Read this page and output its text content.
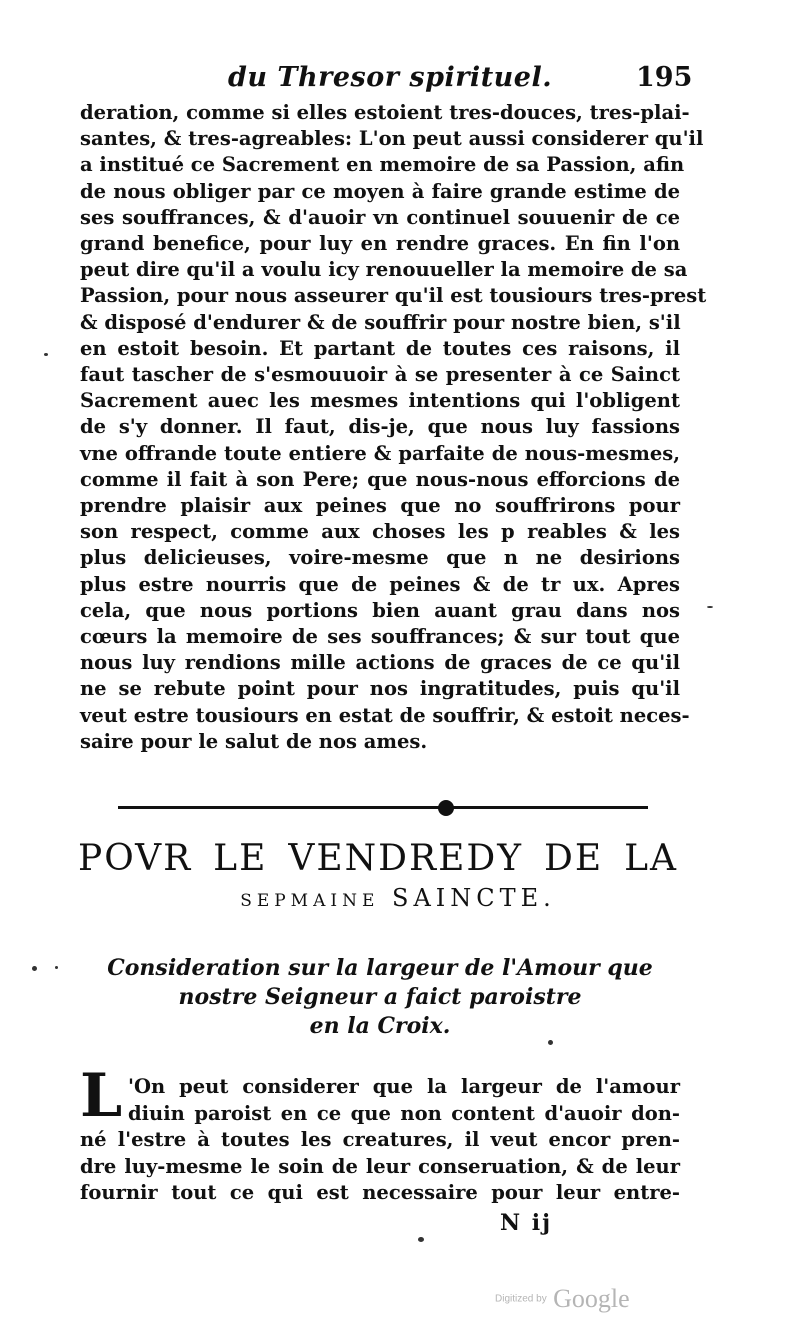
du Thresor spirituel.	195
deration, comme si elles estoient tres-douces, tres-plai-
santes, & tres-agreables: L'on peut aussi considerer qu'il
a institué ce Sacrement en memoire de sa Passion, afin
de nous obliger par ce moyen à faire grande estime de
ses souffrances, & d'auoir vn continuel souuenir de ce
grand benefice, pour luy en rendre graces. En fin l'on
peut dire qu'il a voulu icy renouueller la memoire de sa
Passion, pour nous asseurer qu'il est tousiours tres-prest
& disposé d'endurer & de souffrir pour nostre bien, s'il
en estoit besoin. Et partant de toutes ces raisons, il
faut tascher de s'esmouuoir à se presenter à ce Sainct
Sacrement auec les mesmes intentions qui l'obligent
de s'y donner. Il faut, dis-je, que nous luy fassions
vne offrande toute entiere & parfaite de nous-mesmes,
comme il fait à son Pere; que nous-nous efforcions de
prendre plaisir aux peines que no souffrirons pour
son respect, comme aux choses les p reables & les
plus delicieuses, voire-mesme que n ne desirions
plus estre nourris que de peines & de tr ux. Apres
cela, que nous portions bien auant grau dans nos
cœurs la memoire de ses souffrances; & sur tout que
nous luy rendions mille actions de graces de ce qu'il
ne se rebute point pour nos ingratitudes, puis qu'il
veut estre tousiours en estat de souffrir, & estoit neces-
saire pour le salut de nos ames.
POVR LE VENDREDY DE LA
SEPMAINE SAINCTE.
Consideration sur la largeur de l'Amour que
nostre Seigneur a faict paroistre
en la Croix.
L 'On peut considerer que la largeur de l'amour
diuin paroist en ce que non content d'auoir don-
né l'estre à toutes les creatures, il veut encor pren-
dre luy-mesme le soin de leur conseruation, & de leur
fournir tout ce qui est necessaire pour leur entre-
N ij
Digitized by Google
